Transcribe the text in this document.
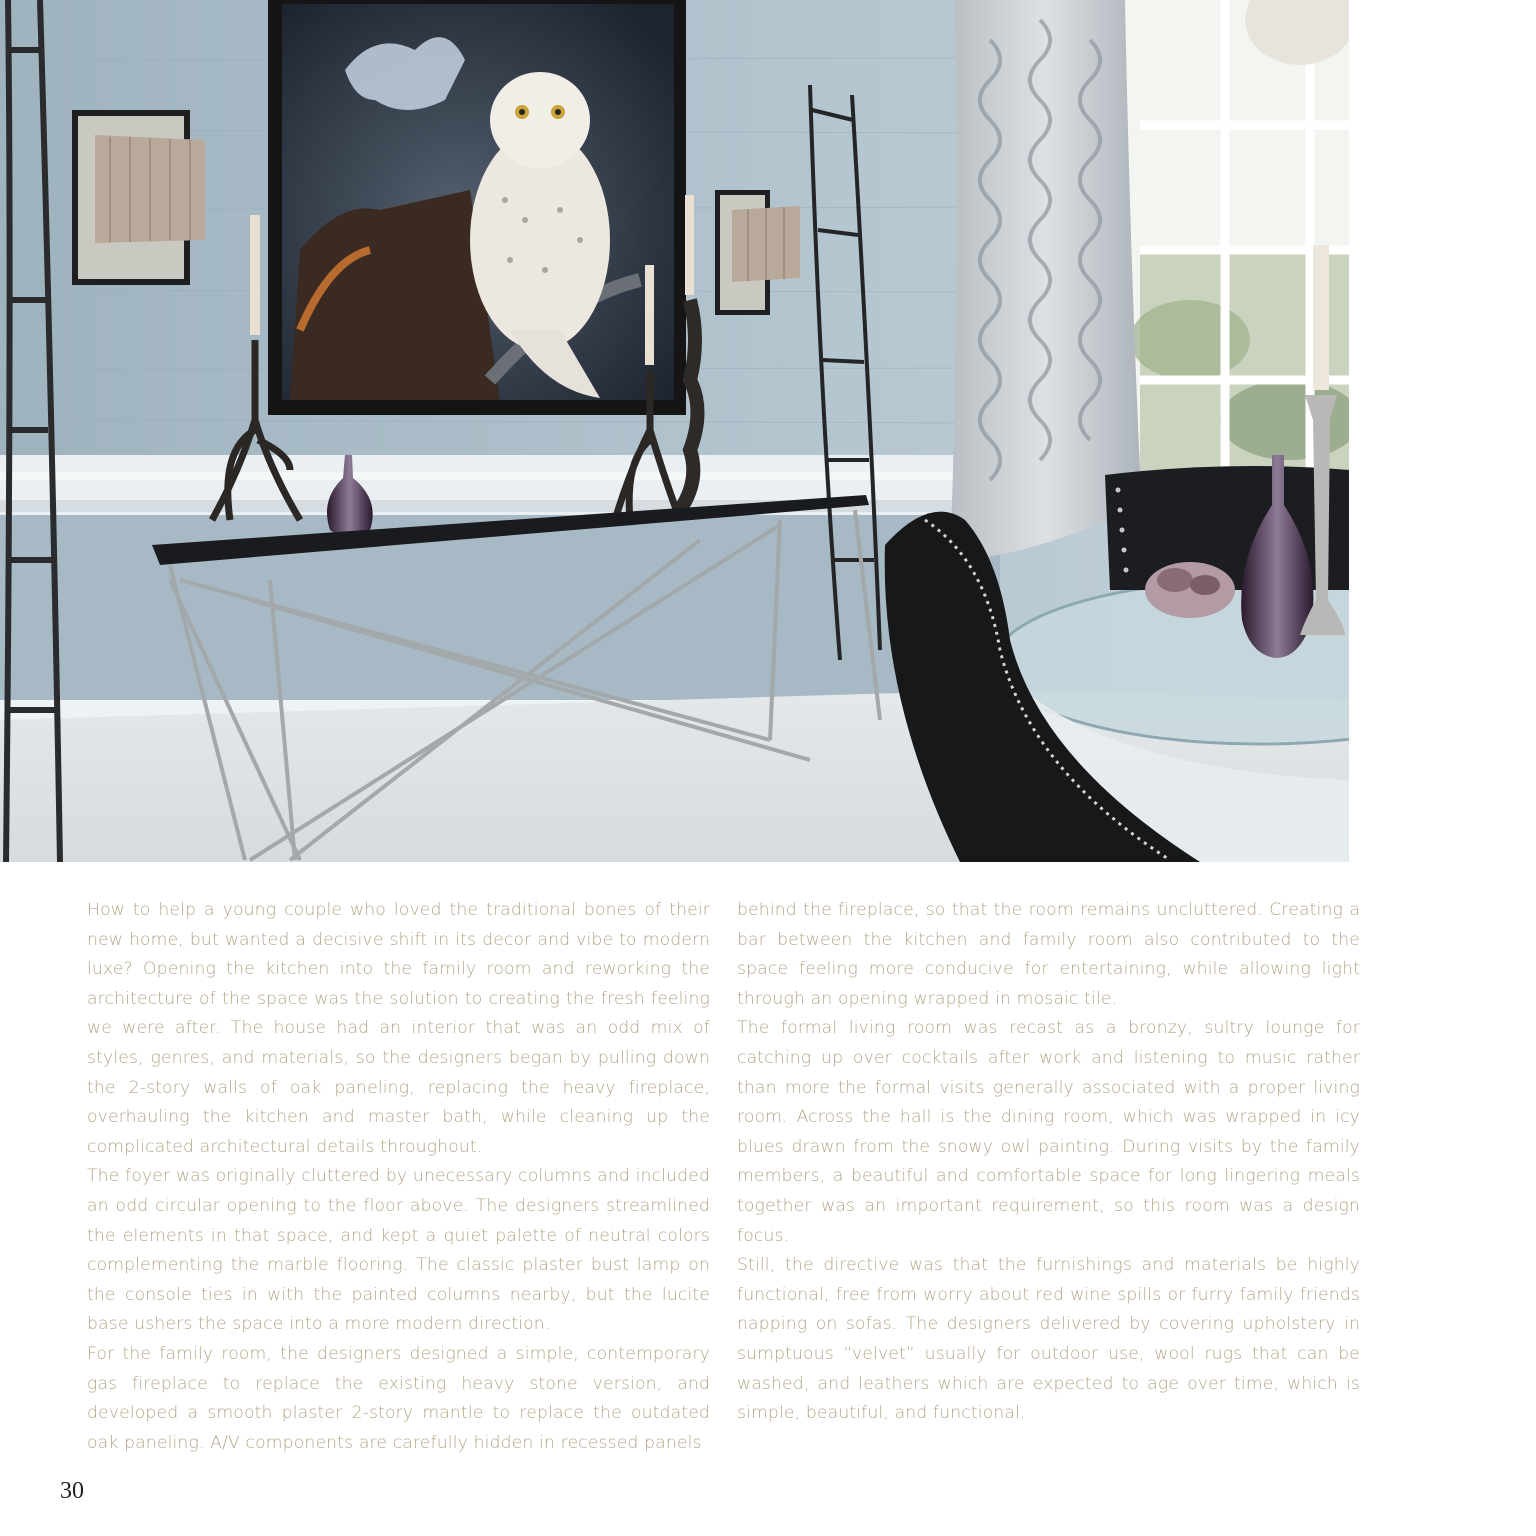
How to help a young couple who loved the traditional bones of their new home, but wanted a decisive shift in its decor and vibe to modern luxe? Opening the kitchen into the family room and reworking the architecture of the space was the solution to creating the fresh feeling we were after. The house had an interior that was an odd mix of styles, genres, and materials, so the designers began by pulling down the 2-story walls of oak paneling, replacing the heavy fireplace, overhauling the kitchen and master bath, while cleaning up the complicated architectural details throughout.

The foyer was originally cluttered by unecessary columns and included an odd circular opening to the floor above. The designers streamlined the elements in that space, and kept a quiet palette of neutral colors complementing the marble flooring. The classic plaster bust lamp on the console ties in with the painted columns nearby, but the lucite base ushers the space into a more modern direction.

For the family room, the designers designed a simple, contemporary gas fireplace to replace the existing heavy stone version, and developed a smooth plaster 2-story mantle to replace the outdated oak paneling. A/V components are carefully hidden in recessed panels

behind the fireplace, so that the room remains uncluttered. Creating a bar between the kitchen and family room also contributed to the space feeling more conducive for entertaining, while allowing light through an opening wrapped in mosaic tile.

The formal living room was recast as a bronzy, sultry lounge for catching up over cocktails after work and listening to music rather than more the formal visits generally associated with a proper living room. Across the hall is the dining room, which was wrapped in icy blues drawn from the snowy owl painting. During visits by the family members, a beautiful and comfortable space for long lingering meals together was an important requirement, so this room was a design focus.

Still, the directive was that the furnishings and materials be highly functional, free from worry about red wine spills or furry family friends napping on sofas. The designers delivered by covering upholstery in sumptuous “velvet” usually for outdoor use, wool rugs that can be washed, and leathers which are expected to age over time, which is simple, beautiful, and functional.

30
